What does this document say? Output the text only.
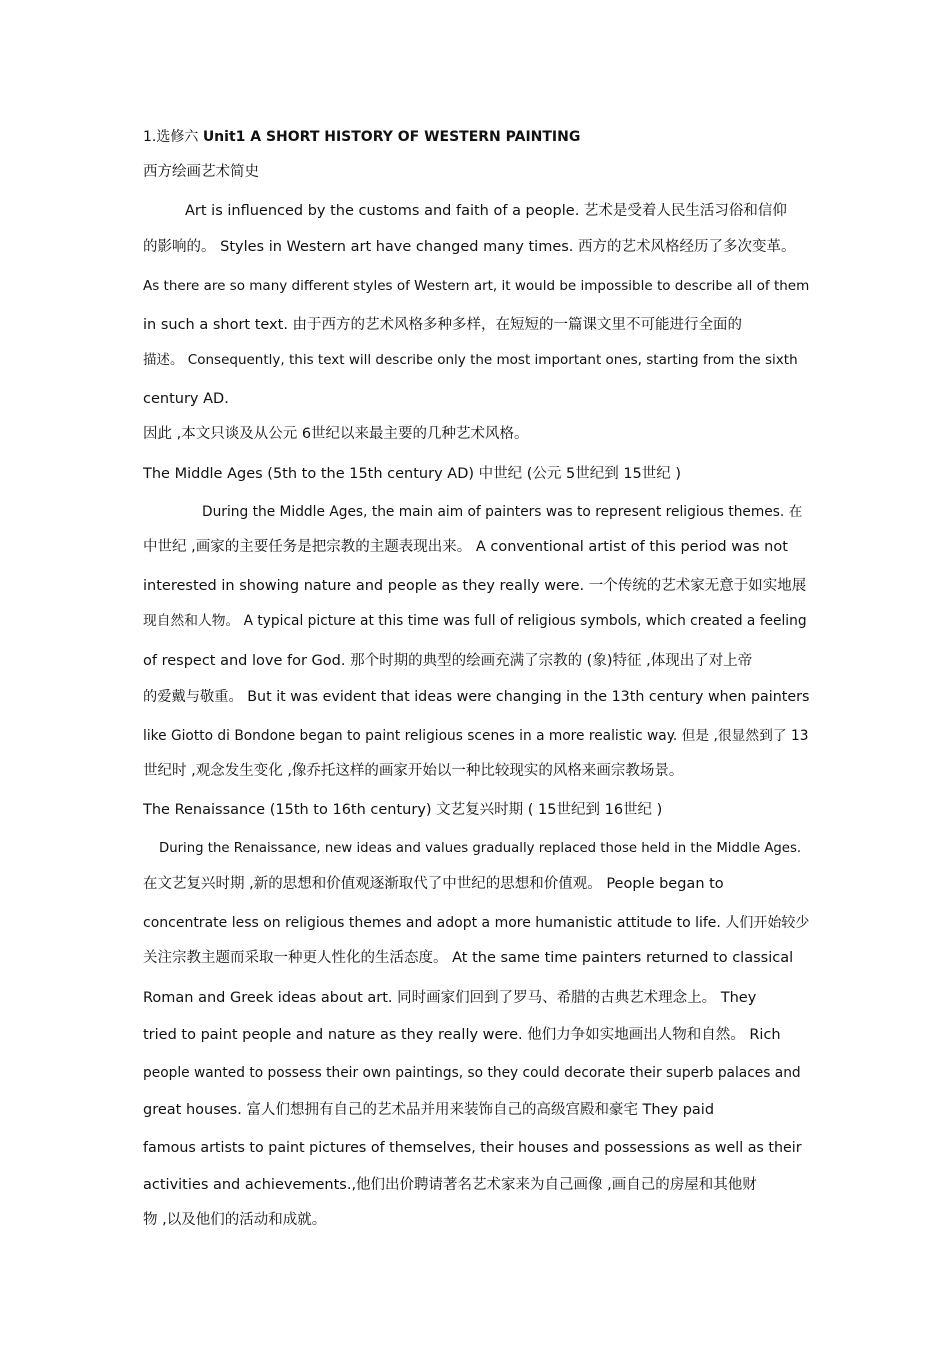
1.选修六 Unit1 A SHORT HISTORY OF WESTERN PAINTING
西方绘画艺术简史
Art is influenced by the customs and faith of a people. 艺术是受着人民生活习俗和信仰
的影响的。 Styles in Western art have changed many times. 西方的艺术风格经历了多次变革。
As there are so many different styles of Western art, it would be impossible to describe all of them
in such a short text. 由于西方的艺术风格多种多样，在短短的一篇课文里不可能进行全面的
描述。 Consequently, this text will describe only the most important ones, starting from the sixth
century AD.
因此 ,本文只谈及从公元 6世纪以来最主要的几种艺术风格。
The Middle Ages (5th to the 15th century AD) 中世纪 (公元 5世纪到 15世纪 )
During the Middle Ages, the main aim of painters was to represent religious themes. 在
中世纪 ,画家的主要任务是把宗教的主题表现出来。 A conventional artist of this period was not
interested in showing nature and people as they really were. 一个传统的艺术家无意于如实地展
现自然和人物。 A typical picture at this time was full of religious symbols, which created a feeling
of respect and love for God. 那个时期的典型的绘画充满了宗教的 (象)特征 ,体现出了对上帝
的爱戴与敬重。 But it was evident that ideas were changing in the 13th century when painters
like Giotto di Bondone began to paint religious scenes in a more realistic way. 但是 ,很显然到了 13
世纪时 ,观念发生变化 ,像乔托这样的画家开始以一种比较现实的风格来画宗教场景。
The Renaissance (15th to 16th century) 文艺复兴时期 ( 15世纪到 16世纪 )
During the Renaissance, new ideas and values gradually replaced those held in the Middle Ages.
在文艺复兴时期 ,新的思想和价值观逐渐取代了中世纪的思想和价值观。 People began to
concentrate less on religious themes and adopt a more humanistic attitude to life. 人们开始较少
关注宗教主题而采取一种更人性化的生活态度。 At the same time painters returned to classical
Roman and Greek ideas about art. 同时画家们回到了罗马、希腊的古典艺术理念上。 They
tried to paint people and nature as they really were. 他们力争如实地画出人物和自然。 Rich
people wanted to possess their own paintings, so they could decorate their superb palaces and
great houses. 富人们想拥有自己的艺术品并用来装饰自己的高级宫殿和豪宅 They paid
famous artists to paint pictures of themselves, their houses and possessions as well as their
activities and achievements.,他们出价聘请著名艺术家来为自己画像 ,画自己的房屋和其他财
物 ,以及他们的活动和成就。
